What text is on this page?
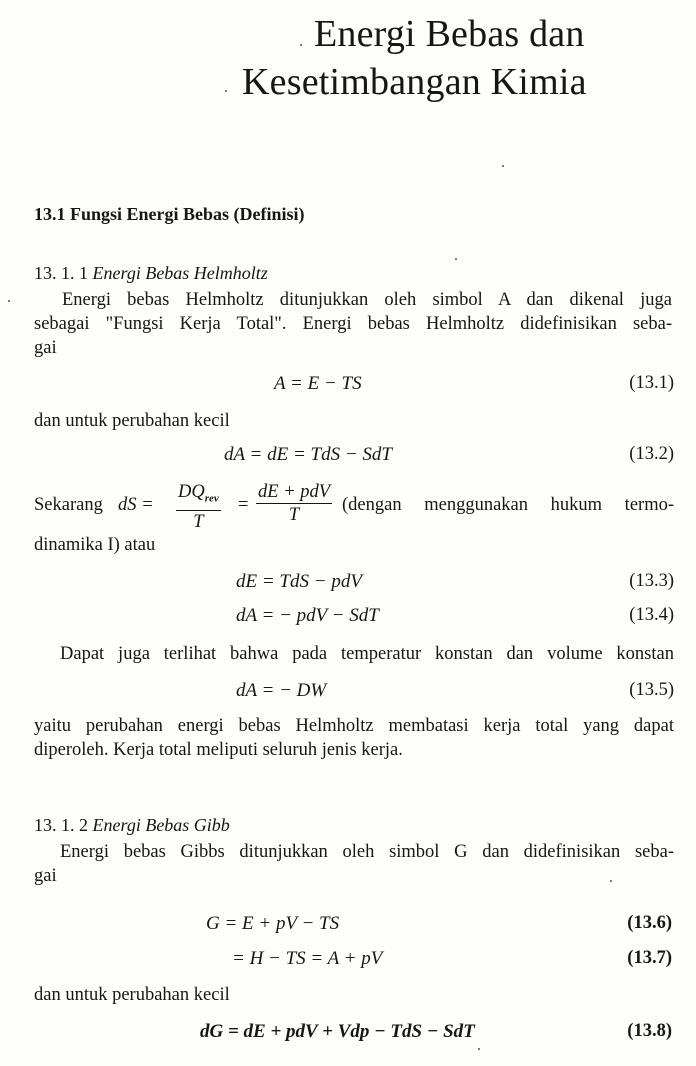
Energi Bebas dan
Kesetimbangan Kimia
13.1 Fungsi Energi Bebas (Definisi)
13. 1. 1 Energi Bebas Helmholtz
Energi bebas Helmholtz ditunjukkan oleh simbol A dan dikenal juga
sebagai "Fungsi Kerja Total". Energi bebas Helmholtz didefinisikan seba-
gai
A = E − TS	(13.1)
dan untuk perubahan kecil
dA = dE = TdS − SdT	(13.2)
Sekarang dS =
$DQ_{rev}$
T
=
dE + pdV
T	(dengan menggunakan hukum termo-
dinamika I) atau
dE = TdS − pdV	(13.3)
dA = − pdV − SdT	(13.4)
Dapat juga terlihat bahwa pada temperatur konstan dan volume konstan
dA = − DW	(13.5)
yaitu perubahan energi bebas Helmholtz membatasi kerja total yang dapat
diperoleh. Kerja total meliputi seluruh jenis kerja.
13. 1. 2 Energi Bebas Gibb
Energi bebas Gibbs ditunjukkan oleh simbol G dan didefinisikan seba-
gai
G = E + pV − TS	(13.6)
= H − TS = A + pV	(13.7)
dan untuk perubahan kecil
dG = dE + pdV + Vdp − TdS − SdT	(13.8)
